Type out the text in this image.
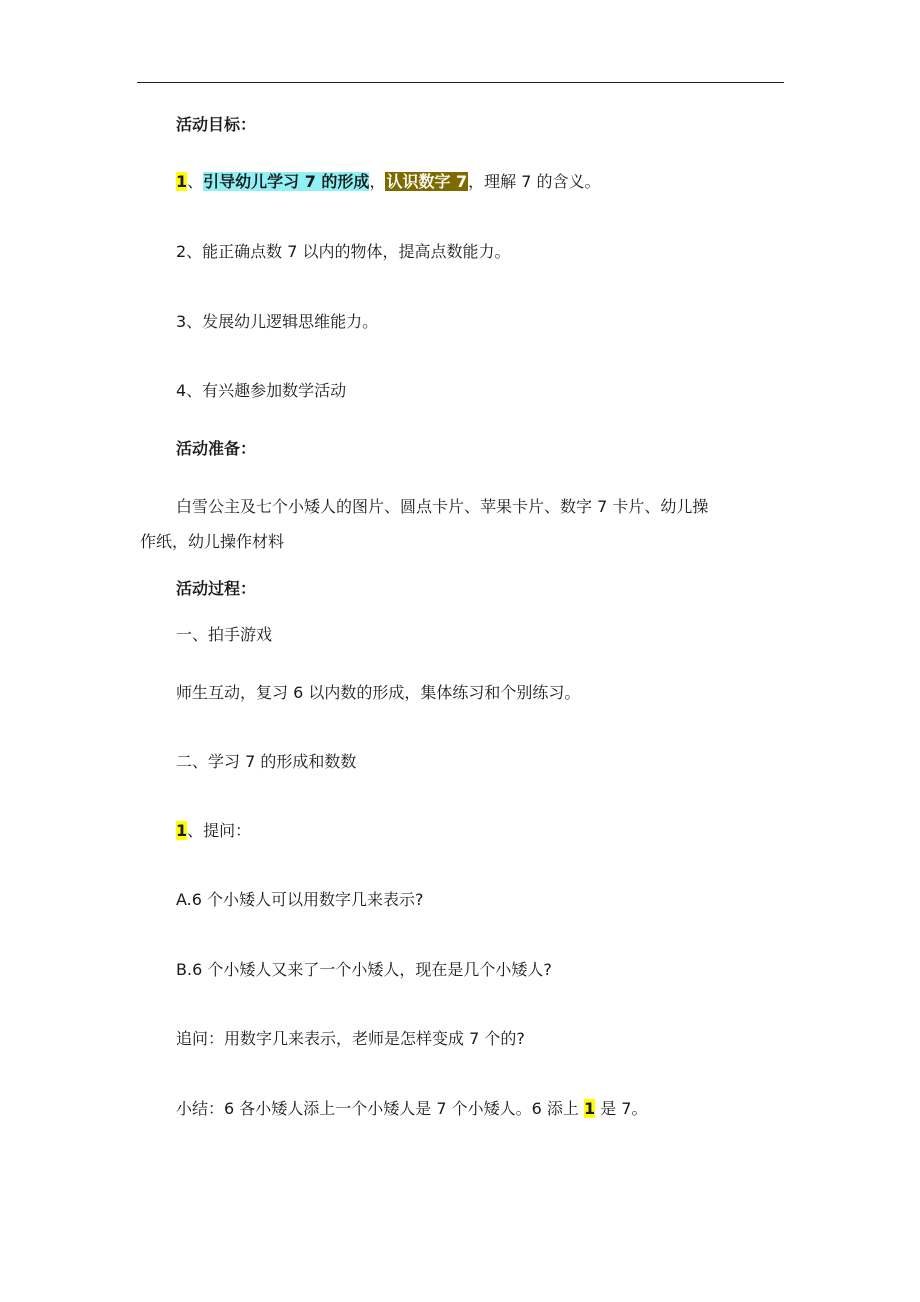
活动目标：
1、引导幼儿学习 7 的形成，认识数字 7，理解 7 的含义。
2、能正确点数 7 以内的物体，提高点数能力。
3、发展幼儿逻辑思维能力。
4、有兴趣参加数学活动
活动准备：
白雪公主及七个小矮人的图片、圆点卡片、苹果卡片、数字 7 卡片、幼儿操
作纸，幼儿操作材料
活动过程：
一、拍手游戏
师生互动，复习 6 以内数的形成，集体练习和个别练习。
二、学习 7 的形成和数数
1、提问：
A.6 个小矮人可以用数字几来表示?
B.6 个小矮人又来了一个小矮人，现在是几个小矮人?
追问：用数字几来表示，老师是怎样变成 7 个的?
小结：6 各小矮人添上一个小矮人是 7 个小矮人。6 添上 1 是 7。
